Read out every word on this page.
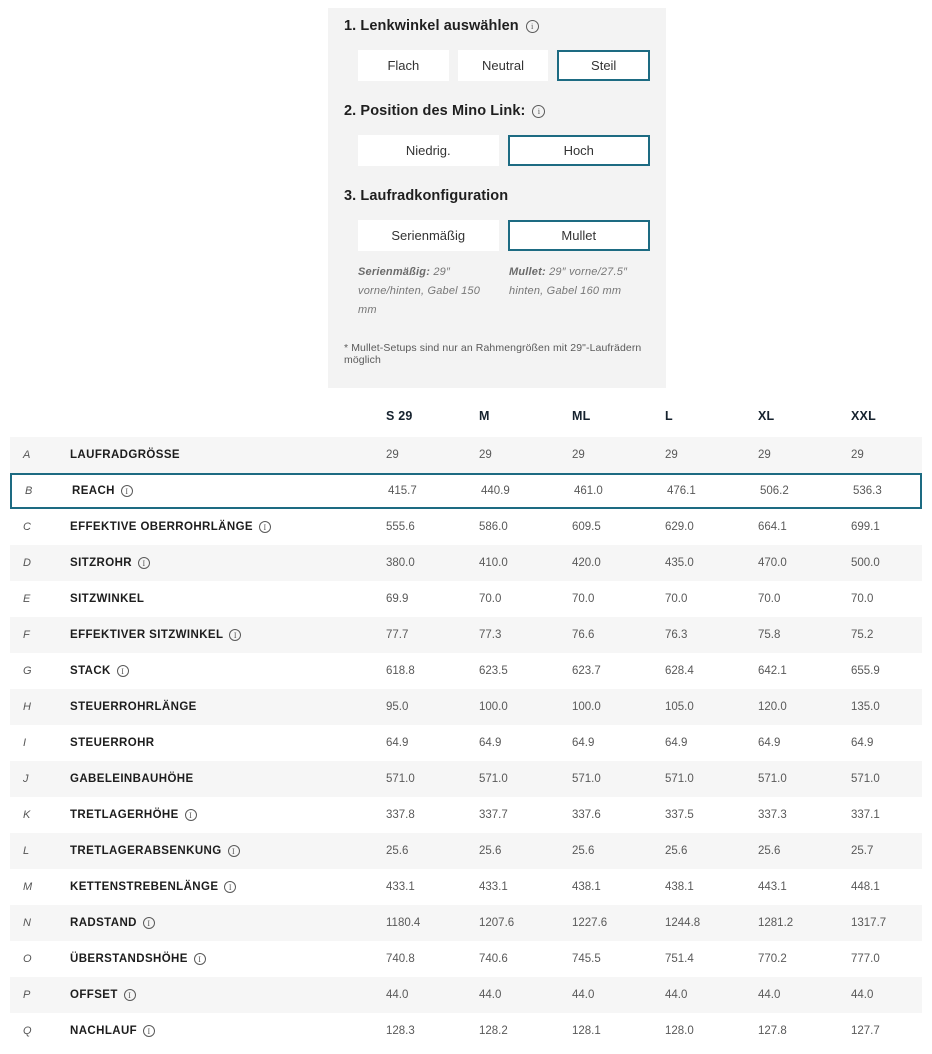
1. Lenkwinkel auswählen	i
Flach	Neutral	Steil
2. Position des Mino Link:	i
Niedrig.	Hoch
3. Laufradkonfiguration
Serienmäßig	Mullet
Serienmäßig: 29″ vorne/hinten, Gabel 150 mm
Mullet: 29″ vorne/27.5″ hinten, Gabel 160 mm
* Mullet-Setups sind nur an Rahmengrößen mit 29"-Laufrädern möglich
S 29	M	ML	L	XL	XXL
A	LAUFRADGRÖSSE	29	29	29	29	29	29
B	REACH	I	415.7	440.9	461.0	476.1	506.2	536.3
C	EFFEKTIVE OBERROHRLÄNGE	I	555.6	586.0	609.5	629.0	664.1	699.1
D	SITZROHR	I	380.0	410.0	420.0	435.0	470.0	500.0
E	SITZWINKEL	69.9	70.0	70.0	70.0	70.0	70.0
F	EFFEKTIVER SITZWINKEL	I	77.7	77.3	76.6	76.3	75.8	75.2
G	STACK	I	618.8	623.5	623.7	628.4	642.1	655.9
H	STEUERROHRLÄNGE	95.0	100.0	100.0	105.0	120.0	135.0
I	STEUERROHR	64.9	64.9	64.9	64.9	64.9	64.9
J	GABELEINBAUHÖHE	571.0	571.0	571.0	571.0	571.0	571.0
K	TRETLAGERHÖHE	I	337.8	337.7	337.6	337.5	337.3	337.1
L	TRETLAGERABSENKUNG	I	25.6	25.6	25.6	25.6	25.6	25.7
M	KETTENSTREBENLÄNGE	I	433.1	433.1	438.1	438.1	443.1	448.1
N	RADSTAND	I	1180.4	1207.6	1227.6	1244.8	1281.2	1317.7
O	ÜBERSTANDSHÖHE	I	740.8	740.6	745.5	751.4	770.2	777.0
P	OFFSET	I	44.0	44.0	44.0	44.0	44.0	44.0
Q	NACHLAUF	I	128.3	128.2	128.1	128.0	127.8	127.7
